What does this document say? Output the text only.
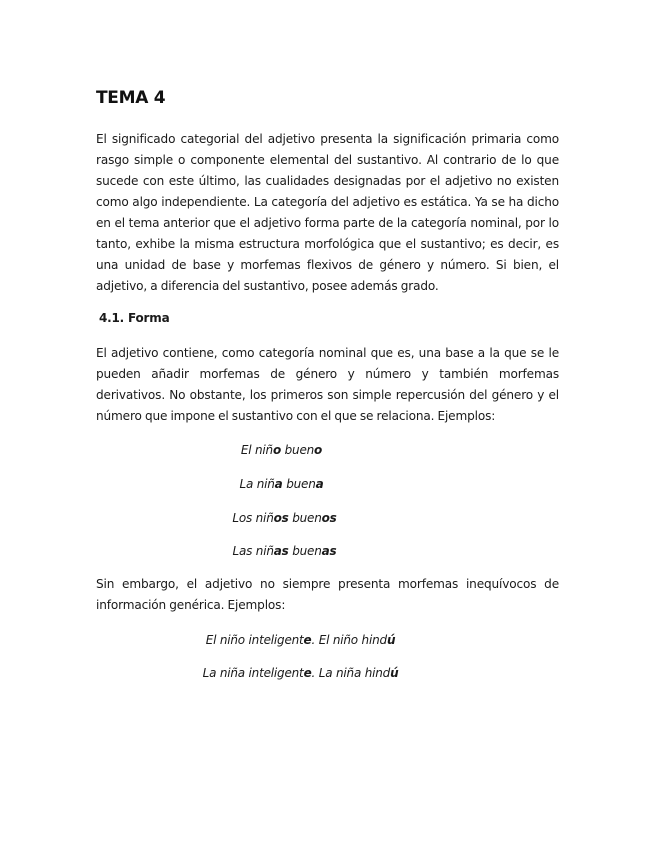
TEMA 4

El significado categorial del adjetivo presenta la significación primaria como rasgo simple o componente elemental del sustantivo. Al contrario de lo que sucede con este último, las cualidades designadas por el adjetivo no existen como algo independiente. La categoría del adjetivo es estática. Ya se ha dicho en el tema anterior que el adjetivo forma parte de la categoría nominal, por lo tanto, exhibe la misma estructura morfológica que el sustantivo; es decir, es una unidad de base y morfemas flexivos de género y número. Si bien, el adjetivo, a diferencia del sustantivo, posee además grado.

4.1. Forma

El adjetivo contiene, como categoría nominal que es, una base a la que se le pueden añadir morfemas de género y número y también morfemas derivativos. No obstante, los primeros son simple repercusión del género y el número que impone el sustantivo con el que se relaciona. Ejemplos:

El niño bueno
La niña buena
Los niños buenos
Las niñas buenas

Sin embargo, el adjetivo no siempre presenta morfemas inequívocos de información genérica. Ejemplos:

El niño inteligente. El niño hindú
La niña inteligente. La niña hindú
